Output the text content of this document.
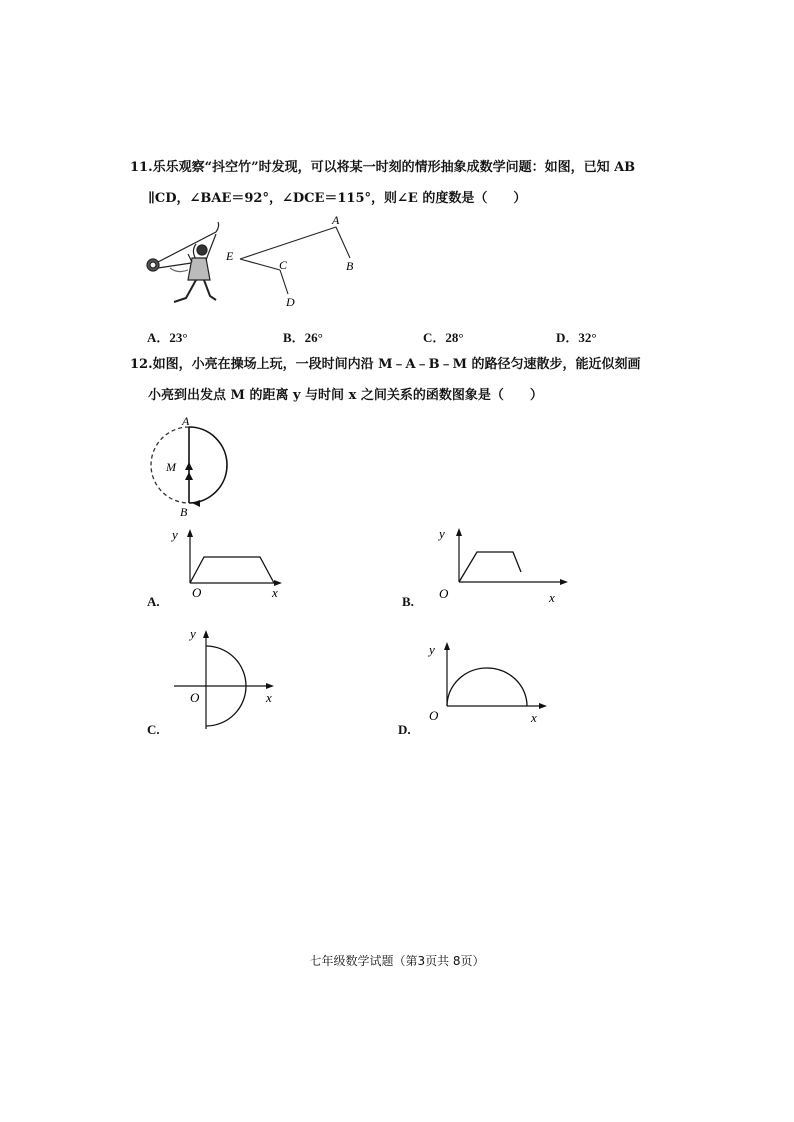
11.乐乐观察“抖空竹”时发现，可以将某一时刻的情形抽象成数学问题：如图，已知 AB
∥CD，∠BAE＝92°，∠DCE＝115°，则∠E 的度数是（　　）
A
B
C
D
E
A．23°	B．26°	C．28°	D．32°
12.如图，小亮在操场上玩，一段时间内沿 M﹣A﹣B﹣M 的路径匀速散步，能近似刻画
小亮到出发点 M 的距离 y 与时间 x 之间关系的函数图象是（　　）
A
M
B
y
O	x
A.
y
O	x
B.
y
O	x
C.
y
O	x
D.
七年级数学试题（第3页共 8页）
